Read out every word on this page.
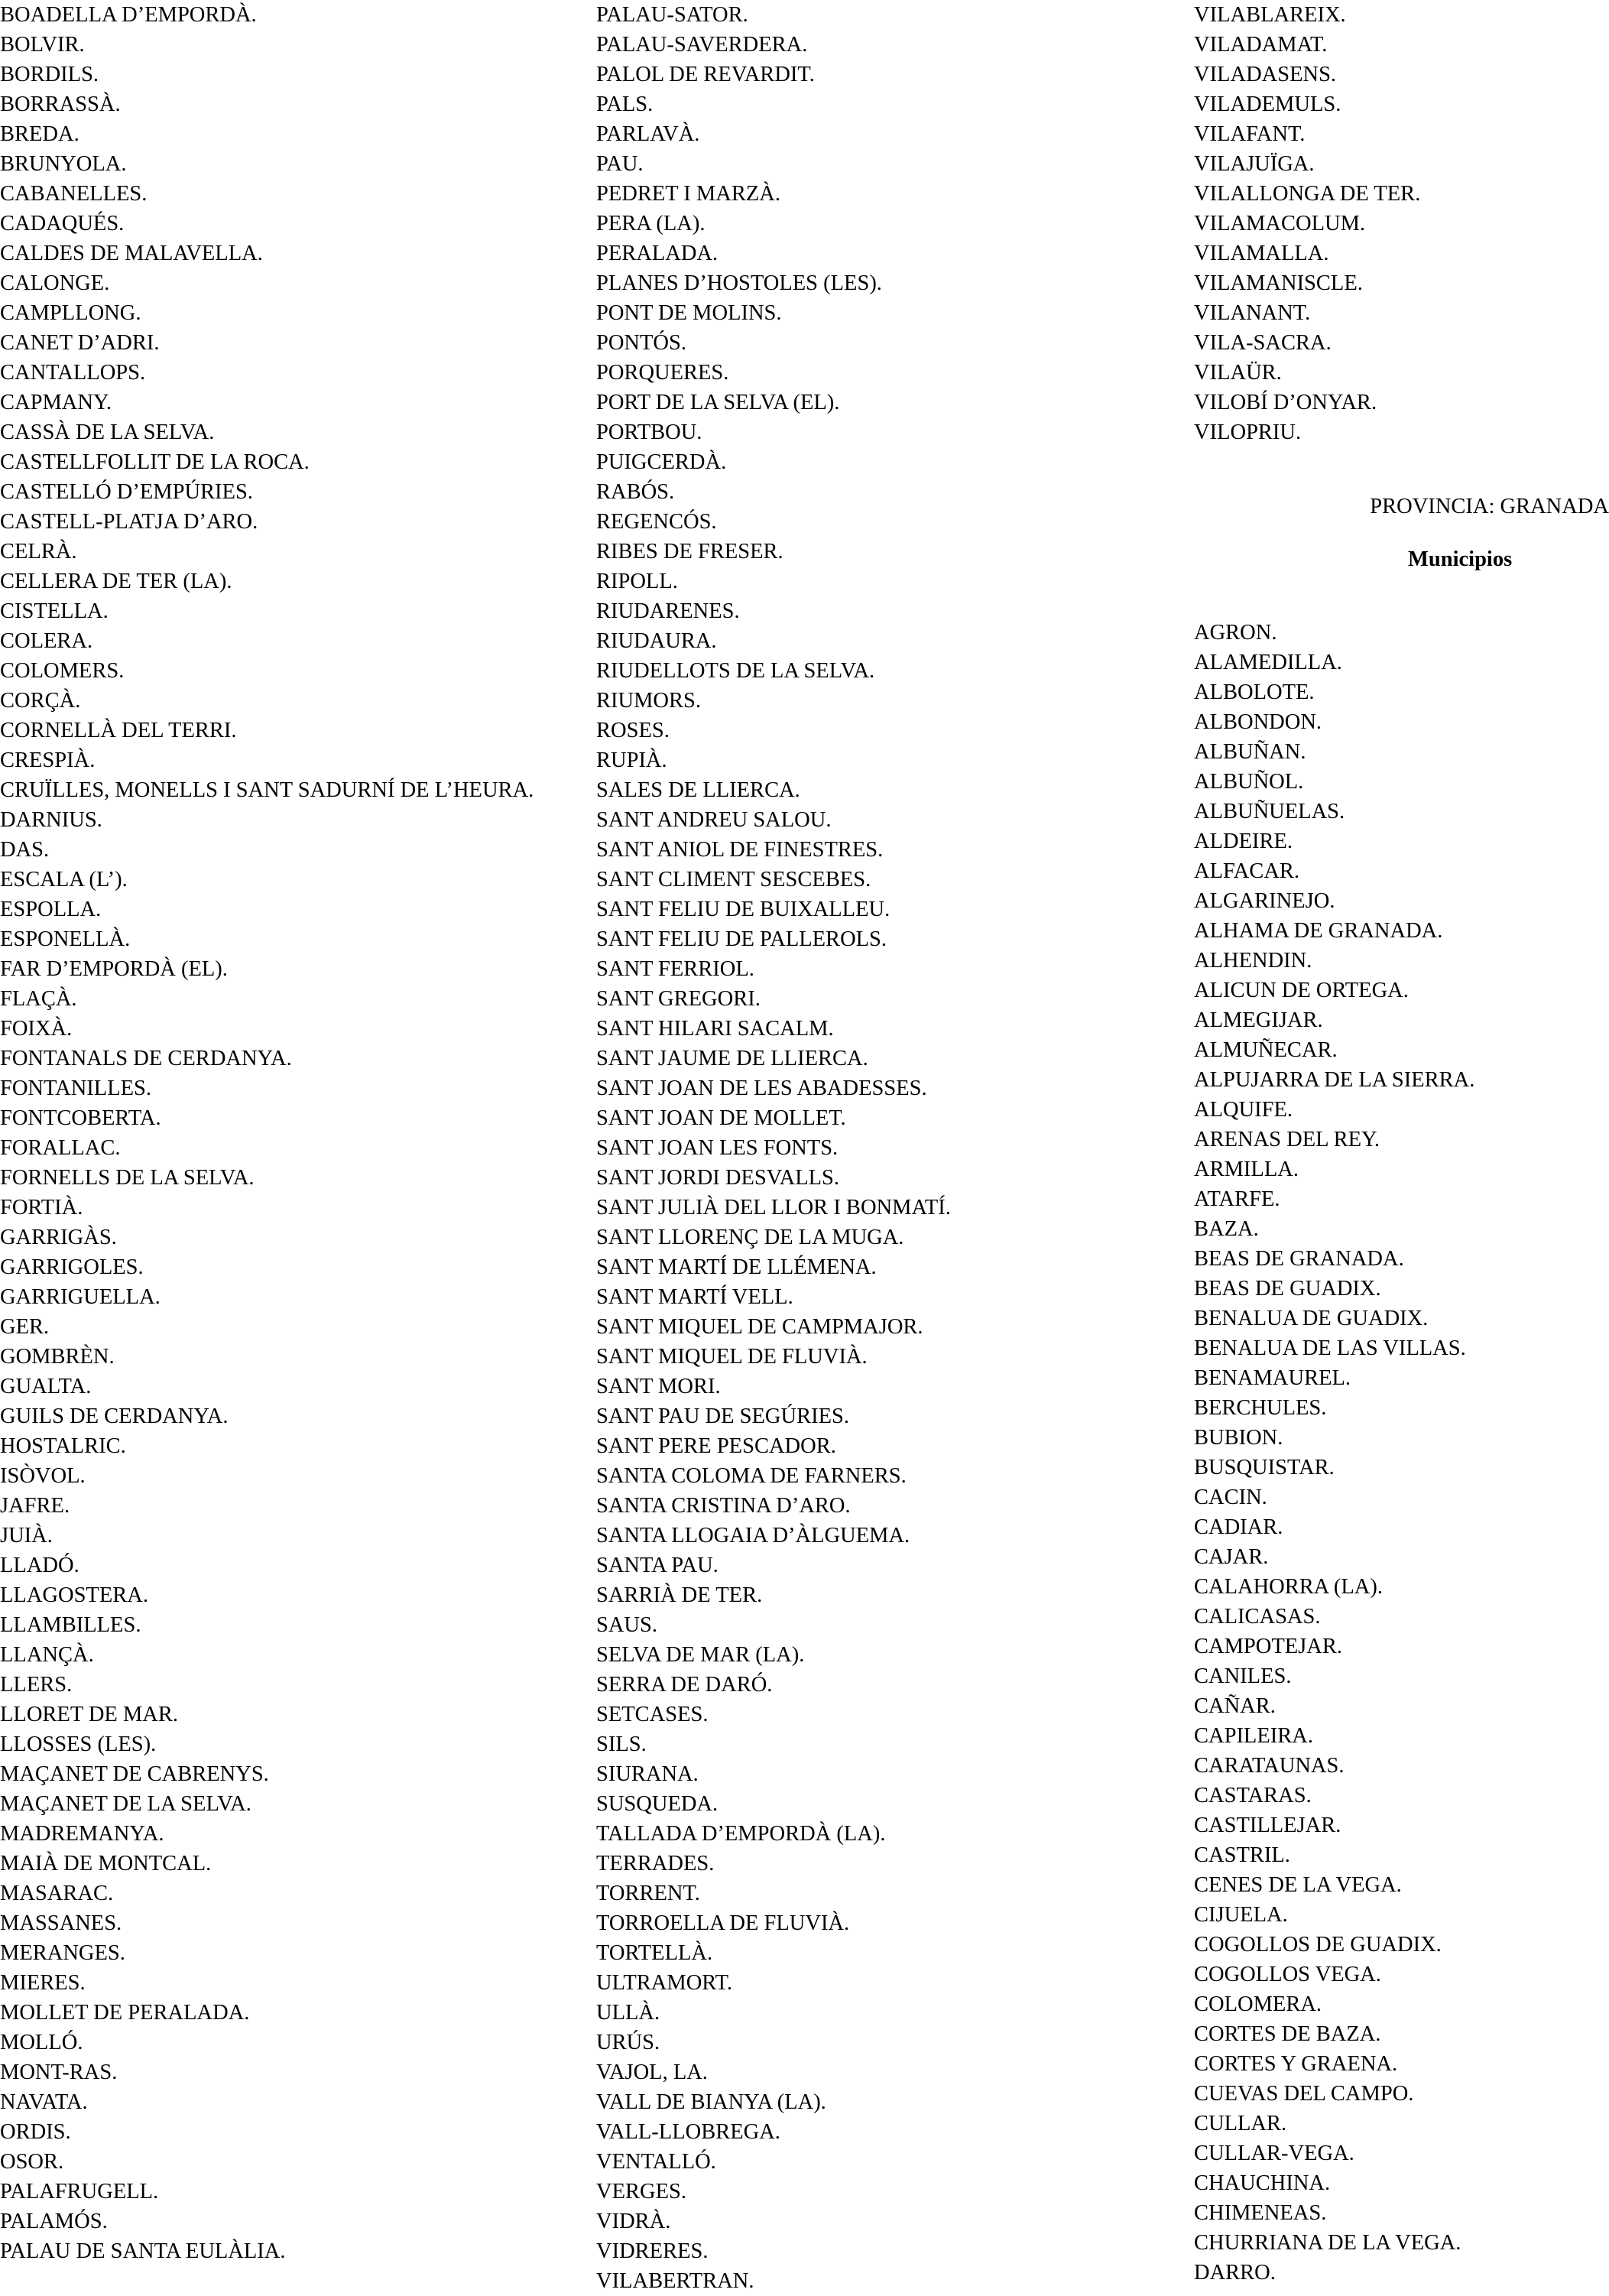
BOADELLA D’EMPORDÀ.
BOLVIR.
BORDILS.
BORRASSÀ.
BREDA.
BRUNYOLA.
CABANELLES.
CADAQUÉS.
CALDES DE MALAVELLA.
CALONGE.
CAMPLLONG.
CANET D’ADRI.
CANTALLOPS.
CAPMANY.
CASSÀ DE LA SELVA.
CASTELLFOLLIT DE LA ROCA.
CASTELLÓ D’EMPÚRIES.
CASTELL-PLATJA D’ARO.
CELRÀ.
CELLERA DE TER (LA).
CISTELLA.
COLERA.
COLOMERS.
CORÇÀ.
CORNELLÀ DEL TERRI.
CRESPIÀ.
CRUÏLLES, MONELLS I SANT SADURNÍ DE L’HEURA.
DARNIUS.
DAS.
ESCALA (L’).
ESPOLLA.
ESPONELLÀ.
FAR D’EMPORDÀ (EL).
FLAÇÀ.
FOIXÀ.
FONTANALS DE CERDANYA.
FONTANILLES.
FONTCOBERTA.
FORALLAC.
FORNELLS DE LA SELVA.
FORTIÀ.
GARRIGÀS.
GARRIGOLES.
GARRIGUELLA.
GER.
GOMBRÈN.
GUALTA.
GUILS DE CERDANYA.
HOSTALRIC.
ISÒVOL.
JAFRE.
JUIÀ.
LLADÓ.
LLAGOSTERA.
LLAMBILLES.
LLANÇÀ.
LLERS.
LLORET DE MAR.
LLOSSES (LES).
MAÇANET DE CABRENYS.
MAÇANET DE LA SELVA.
MADREMANYA.
MAIÀ DE MONTCAL.
MASARAC.
MASSANES.
MERANGES.
MIERES.
MOLLET DE PERALADA.
MOLLÓ.
MONT-RAS.
NAVATA.
ORDIS.
OSOR.
PALAFRUGELL.
PALAMÓS.
PALAU DE SANTA EULÀLIA.
PALAU-SATOR.
PALAU-SAVERDERA.
PALOL DE REVARDIT.
PALS.
PARLAVÀ.
PAU.
PEDRET I MARZÀ.
PERA (LA).
PERALADA.
PLANES D’HOSTOLES (LES).
PONT DE MOLINS.
PONTÓS.
PORQUERES.
PORT DE LA SELVA (EL).
PORTBOU.
PUIGCERDÀ.
RABÓS.
REGENCÓS.
RIBES DE FRESER.
RIPOLL.
RIUDARENES.
RIUDAURA.
RIUDELLOTS DE LA SELVA.
RIUMORS.
ROSES.
RUPIÀ.
SALES DE LLIERCA.
SANT ANDREU SALOU.
SANT ANIOL DE FINESTRES.
SANT CLIMENT SESCEBES.
SANT FELIU DE BUIXALLEU.
SANT FELIU DE PALLEROLS.
SANT FERRIOL.
SANT GREGORI.
SANT HILARI SACALM.
SANT JAUME DE LLIERCA.
SANT JOAN DE LES ABADESSES.
SANT JOAN DE MOLLET.
SANT JOAN LES FONTS.
SANT JORDI DESVALLS.
SANT JULIÀ DEL LLOR I BONMATÍ.
SANT LLORENÇ DE LA MUGA.
SANT MARTÍ DE LLÉMENA.
SANT MARTÍ VELL.
SANT MIQUEL DE CAMPMAJOR.
SANT MIQUEL DE FLUVIÀ.
SANT MORI.
SANT PAU DE SEGÚRIES.
SANT PERE PESCADOR.
SANTA COLOMA DE FARNERS.
SANTA CRISTINA D’ARO.
SANTA LLOGAIA D’ÀLGUEMA.
SANTA PAU.
SARRIÀ DE TER.
SAUS.
SELVA DE MAR (LA).
SERRA DE DARÓ.
SETCASES.
SILS.
SIURANA.
SUSQUEDA.
TALLADA D’EMPORDÀ (LA).
TERRADES.
TORRENT.
TORROELLA DE FLUVIÀ.
TORTELLÀ.
ULTRAMORT.
ULLÀ.
URÚS.
VAJOL, LA.
VALL DE BIANYA (LA).
VALL-LLOBREGA.
VENTALLÓ.
VERGES.
VIDRÀ.
VIDRERES.
VILABERTRAN.
VILABLAREIX.
VILADAMAT.
VILADASENS.
VILADEMULS.
VILAFANT.
VILAJUÏGA.
VILALLONGA DE TER.
VILAMACOLUM.
VILAMALLA.
VILAMANISCLE.
VILANANT.
VILA-SACRA.
VILAÜR.
VILOBÍ D’ONYAR.
VILOPRIU.
PROVINCIA: GRANADA
Municipios
AGRON.
ALAMEDILLA.
ALBOLOTE.
ALBONDON.
ALBUÑAN.
ALBUÑOL.
ALBUÑUELAS.
ALDEIRE.
ALFACAR.
ALGARINEJO.
ALHAMA DE GRANADA.
ALHENDIN.
ALICUN DE ORTEGA.
ALMEGIJAR.
ALMUÑECAR.
ALPUJARRA DE LA SIERRA.
ALQUIFE.
ARENAS DEL REY.
ARMILLA.
ATARFE.
BAZA.
BEAS DE GRANADA.
BEAS DE GUADIX.
BENALUA DE GUADIX.
BENALUA DE LAS VILLAS.
BENAMAUREL.
BERCHULES.
BUBION.
BUSQUISTAR.
CACIN.
CADIAR.
CAJAR.
CALAHORRA (LA).
CALICASAS.
CAMPOTEJAR.
CANILES.
CAÑAR.
CAPILEIRA.
CARATAUNAS.
CASTARAS.
CASTILLEJAR.
CASTRIL.
CENES DE LA VEGA.
CIJUELA.
COGOLLOS DE GUADIX.
COGOLLOS VEGA.
COLOMERA.
CORTES DE BAZA.
CORTES Y GRAENA.
CUEVAS DEL CAMPO.
CULLAR.
CULLAR-VEGA.
CHAUCHINA.
CHIMENEAS.
CHURRIANA DE LA VEGA.
DARRO.
